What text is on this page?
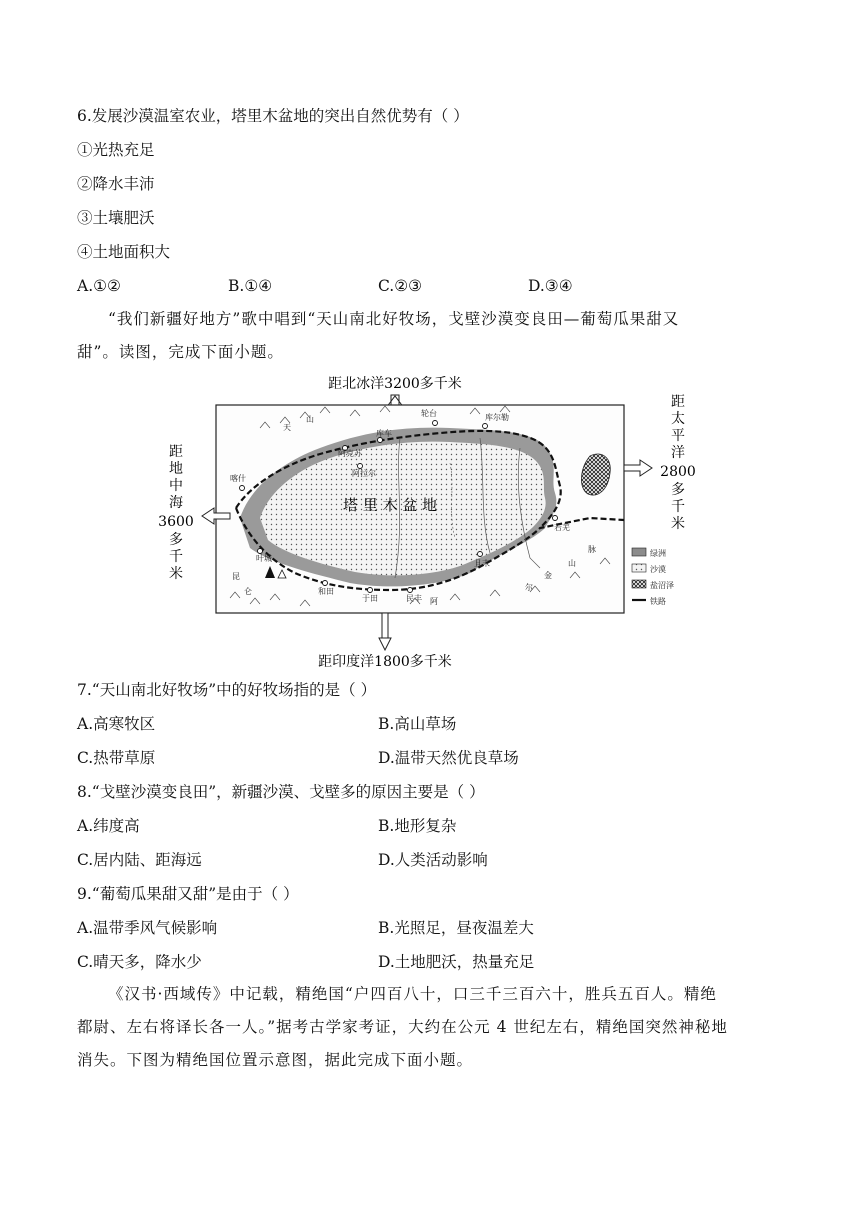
6.发展沙漠温室农业，塔里木盆地的突出自然优势有（ ）
①光热充足
②降水丰沛
③土壤肥沃
④土地面积大
A.①②	B.①④	C.②③	D.③④
“我们新疆好地方”歌中唱到“天山南北好牧场，戈壁沙漠变良田—葡萄瓜果甜又
甜”。读图，完成下面小题。
距北冰洋3200多千米
喀什
阿克苏
库车
轮台	库尔勒
阿拉尔
叶城
和田
于田	民丰
且末
若羌
天
山
阿
尔
金
山
脉
昆
仑
塔 里 木 盆 地
距
地
中
海
3600
多
千
米
距
太
平
洋
2800
多
千
米
距印度洋1800多千米
绿洲
沙漠
盐沼泽
铁路
7.“天山南北好牧场”中的好牧场指的是（ ）
A.高寒牧区	B.高山草场
C.热带草原	D.温带天然优良草场
8.“戈壁沙漠变良田”，新疆沙漠、戈壁多的原因主要是（ ）
A.纬度高	B.地形复杂
C.居内陆、距海远	D.人类活动影响
9.“葡萄瓜果甜又甜”是由于（ ）
A.温带季风气候影响	B.光照足，昼夜温差大
C.晴天多，降水少	D.土地肥沃，热量充足
《汉书·西域传》中记载，精绝国“户四百八十，口三千三百六十，胜兵五百人。精绝
都尉、左右将译长各一人。”据考古学家考证，大约在公元 4 世纪左右，精绝国突然神秘地
消失。下图为精绝国位置示意图，据此完成下面小题。
